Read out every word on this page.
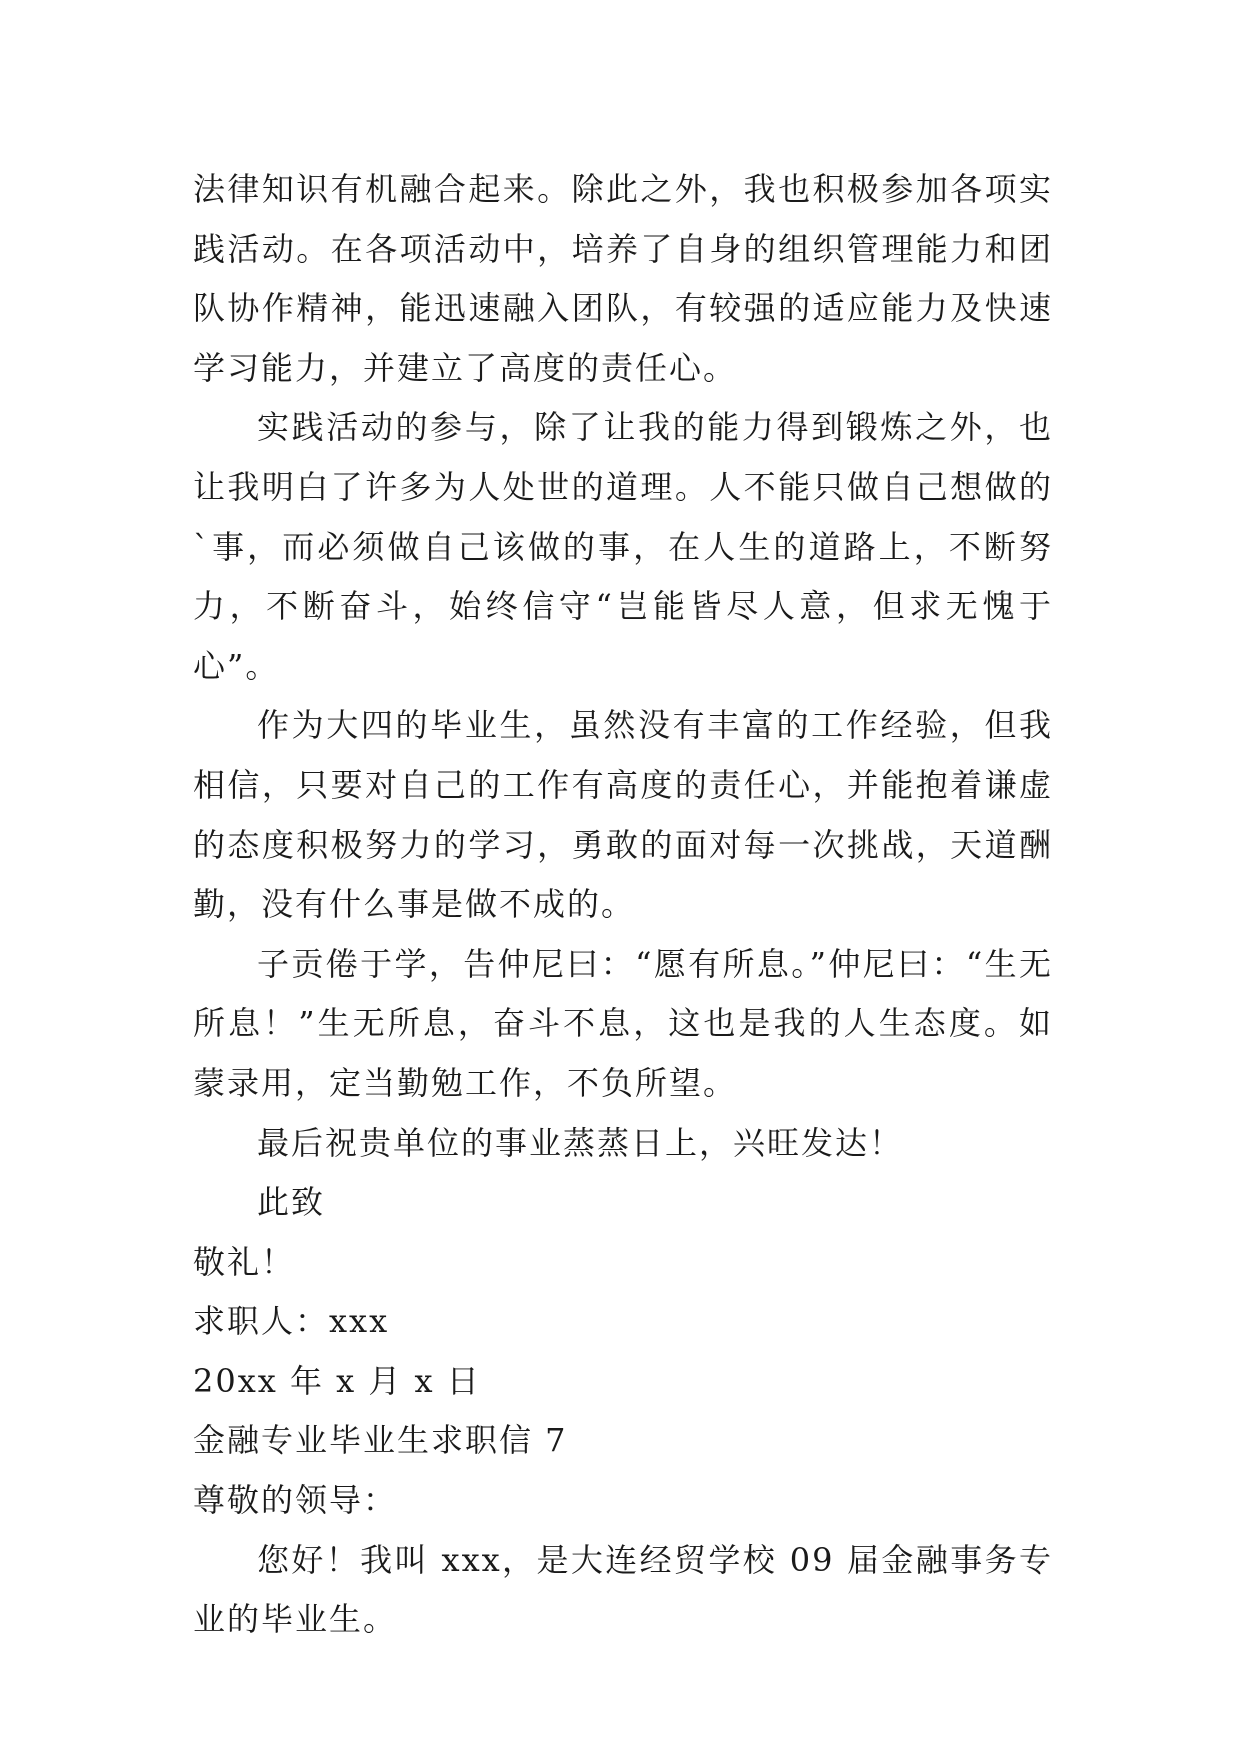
法律知识有机融合起来。除此之外，我也积极参加各项实践活动。在各项活动中，培养了自身的组织管理能力和团队协作精神，能迅速融入团队，有较强的适应能力及快速学习能力，并建立了高度的责任心。

实践活动的参与，除了让我的能力得到锻炼之外，也让我明白了许多为人处世的道理。人不能只做自己想做的`事，而必须做自己该做的事，在人生的道路上，不断努力，不断奋斗，始终信守“岂能皆尽人意，但求无愧于心”。

作为大四的毕业生，虽然没有丰富的工作经验，但我相信，只要对自己的工作有高度的责任心，并能抱着谦虚的态度积极努力的学习，勇敢的面对每一次挑战，天道酬勤，没有什么事是做不成的。

子贡倦于学，告仲尼曰：“愿有所息。”仲尼曰：“生无所息！”生无所息，奋斗不息，这也是我的人生态度。如蒙录用，定当勤勉工作，不负所望。

最后祝贵单位的事业蒸蒸日上，兴旺发达！

此致

敬礼！

求职人：xxx

20xx 年 x 月 x 日

金融专业毕业生求职信 7

尊敬的领导：

您好！我叫 xxx，是大连经贸学校 09 届金融事务专业的毕业生。
